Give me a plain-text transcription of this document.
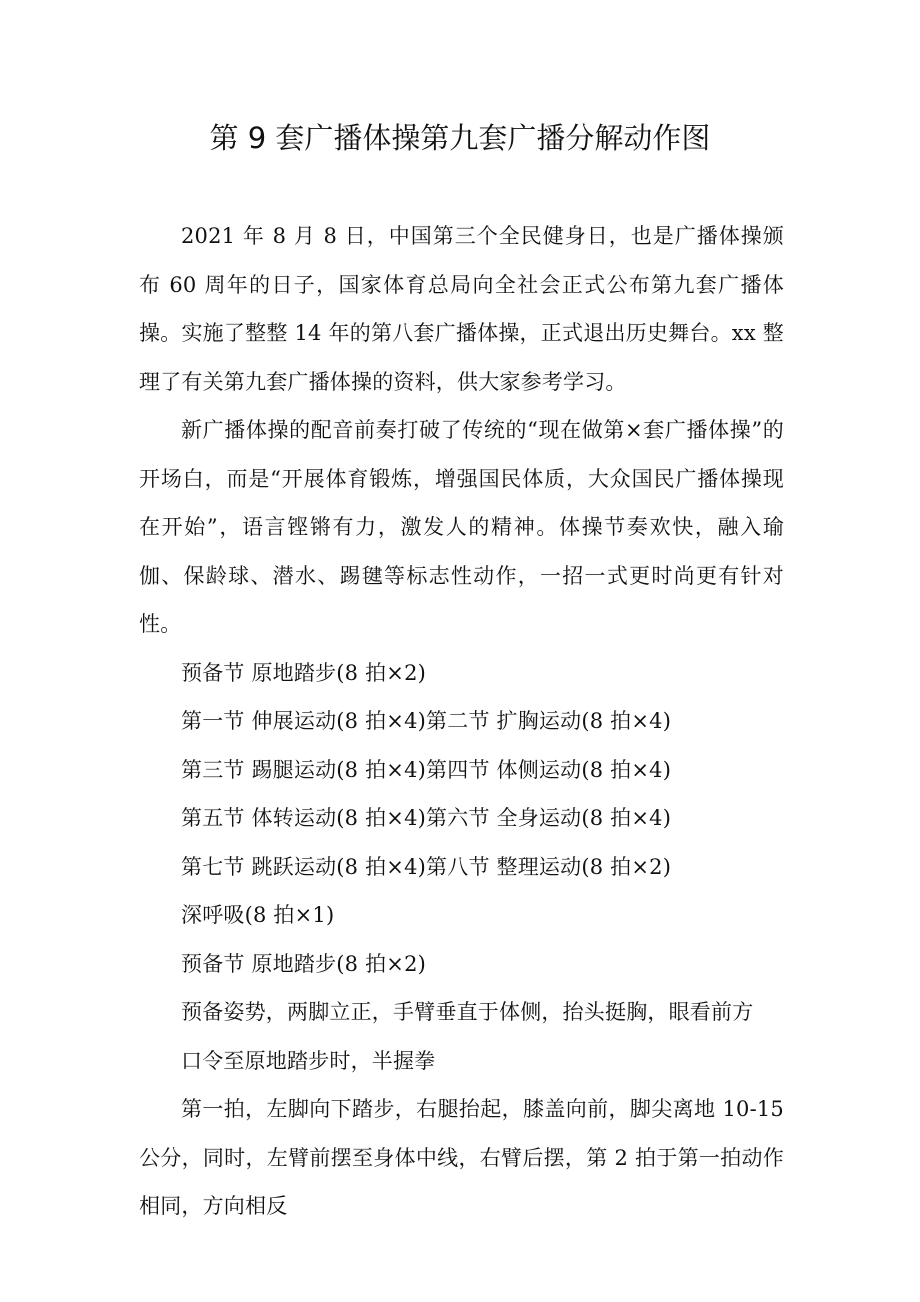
第 9 套广播体操第九套广播分解动作图

2021 年 8 月 8 日，中国第三个全民健身日，也是广播体操颁布 60 周年的日子，国家体育总局向全社会正式公布第九套广播体操。实施了整整 14 年的第八套广播体操，正式退出历史舞台。xx 整理了有关第九套广播体操的资料，供大家参考学习。

新广播体操的配音前奏打破了传统的“现在做第×套广播体操”的开场白，而是“开展体育锻炼，增强国民体质，大众国民广播体操现在开始”，语言铿锵有力，激发人的精神。体操节奏欢快，融入瑜伽、保龄球、潜水、踢毽等标志性动作，一招一式更时尚更有针对性。

预备节 原地踏步(8 拍×2)

第一节 伸展运动(8 拍×4)第二节 扩胸运动(8 拍×4)

第三节 踢腿运动(8 拍×4)第四节 体侧运动(8 拍×4)

第五节 体转运动(8 拍×4)第六节 全身运动(8 拍×4)

第七节 跳跃运动(8 拍×4)第八节 整理运动(8 拍×2)

深呼吸(8 拍×1)

预备节 原地踏步(8 拍×2)

预备姿势，两脚立正，手臂垂直于体侧，抬头挺胸，眼看前方

口令至原地踏步时，半握拳

第一拍，左脚向下踏步，右腿抬起，膝盖向前，脚尖离地 10-15 公分，同时，左臂前摆至身体中线，右臂后摆，第 2 拍于第一拍动作相同，方向相反
